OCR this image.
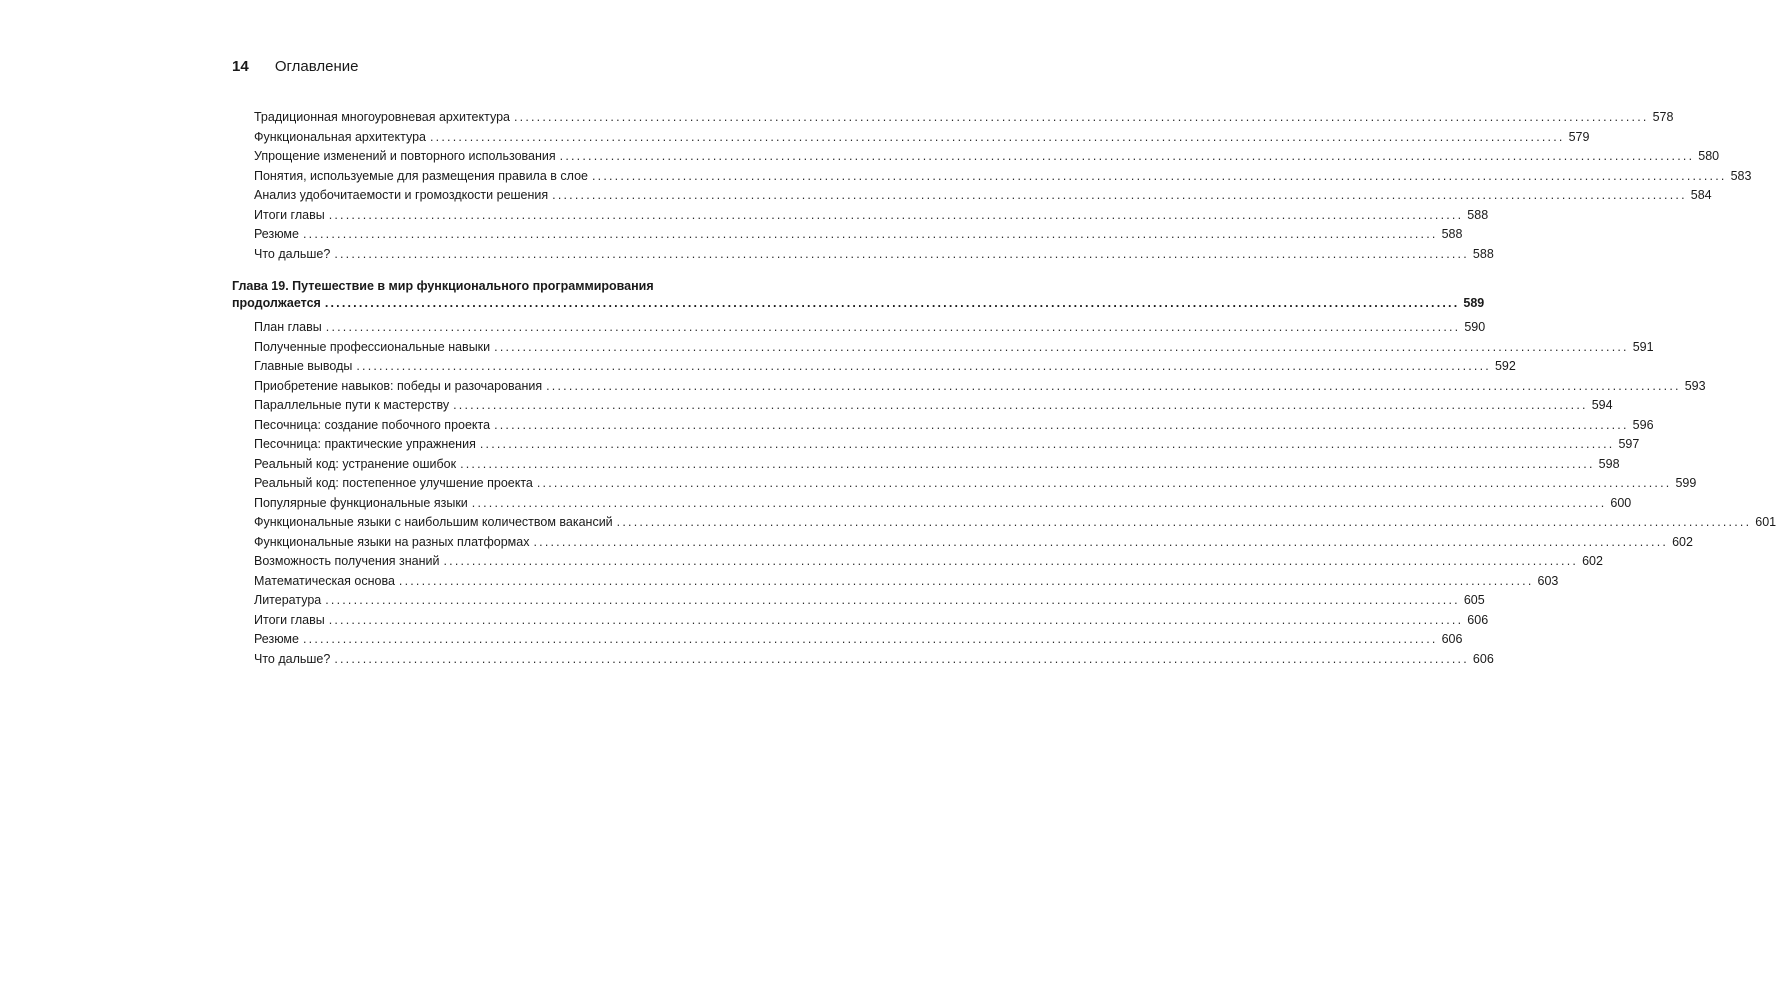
14 Оглавление
Традиционная многоуровневая архитектура ........................................................................................................................................................................................................ 578
Функциональная архитектура ........................................................................................................................................................................................................ 579
Упрощение изменений и повторного использования ........................................................................................................................................................................................................ 580
Понятия, используемые для размещения правила в слое ........................................................................................................................................................................................................ 583
Анализ удобочитаемости и громоздкости решения ........................................................................................................................................................................................................ 584
Итоги главы ........................................................................................................................................................................................................ 588
Резюме ........................................................................................................................................................................................................ 588
Что дальше? ........................................................................................................................................................................................................ 588
Глава 19. Путешествие в мир функционального программирования
продолжается ........................................................................................................................................................................................................ 589
План главы ........................................................................................................................................................................................................ 590
Полученные профессиональные навыки ........................................................................................................................................................................................................ 591
Главные выводы ........................................................................................................................................................................................................ 592
Приобретение навыков: победы и разочарования ........................................................................................................................................................................................................ 593
Параллельные пути к мастерству ........................................................................................................................................................................................................ 594
Песочница: создание побочного проекта ........................................................................................................................................................................................................ 596
Песочница: практические упражнения ........................................................................................................................................................................................................ 597
Реальный код: устранение ошибок ........................................................................................................................................................................................................ 598
Реальный код: постепенное улучшение проекта ........................................................................................................................................................................................................ 599
Популярные функциональные языки ........................................................................................................................................................................................................ 600
Функциональные языки с наибольшим количеством вакансий ........................................................................................................................................................................................................ 601
Функциональные языки на разных платформах ........................................................................................................................................................................................................ 602
Возможность получения знаний ........................................................................................................................................................................................................ 602
Математическая основа ........................................................................................................................................................................................................ 603
Литература ........................................................................................................................................................................................................ 605
Итоги главы ........................................................................................................................................................................................................ 606
Резюме ........................................................................................................................................................................................................ 606
Что дальше? ........................................................................................................................................................................................................ 606
